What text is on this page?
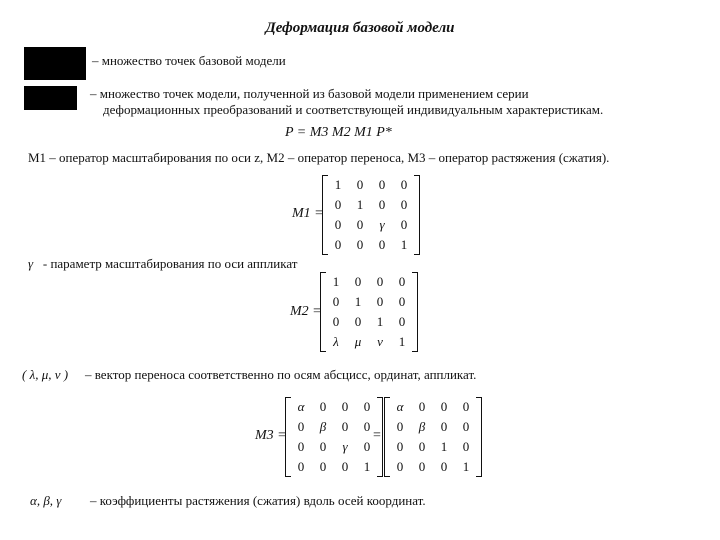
Деформация базовой модели
– множество точек базовой модели
– множество точек модели, полученной из базовой модели применением серии
деформационных преобразований и соответствующей индивидуальным характеристикам.
P = M3 M2 M1 P*
M1 – оператор масштабирования по оси z, M2 – оператор переноса, M3 – оператор растяжения (сжатия).
M1 =
1	0	0	0
0	1	0	0
0	0	γ	0
0	0	0	1
γ - параметр масштабирования по оси аппликат
M2 =
1	0	0	0
0	1	0	0
0	0	1	0
λ	μ	ν	1
( λ, μ, ν ) – вектор переноса соответственно по осям абсцисс, ординат, аппликат.
M3 =
α	0	0	0
0	β	0	0
0	0	γ	0
0	0	0	1
=
α	0	0	0
0	β	0	0
0	0	1	0
0	0	0	1
α, β, γ – коэффициенты растяжения (сжатия) вдоль осей координат.
